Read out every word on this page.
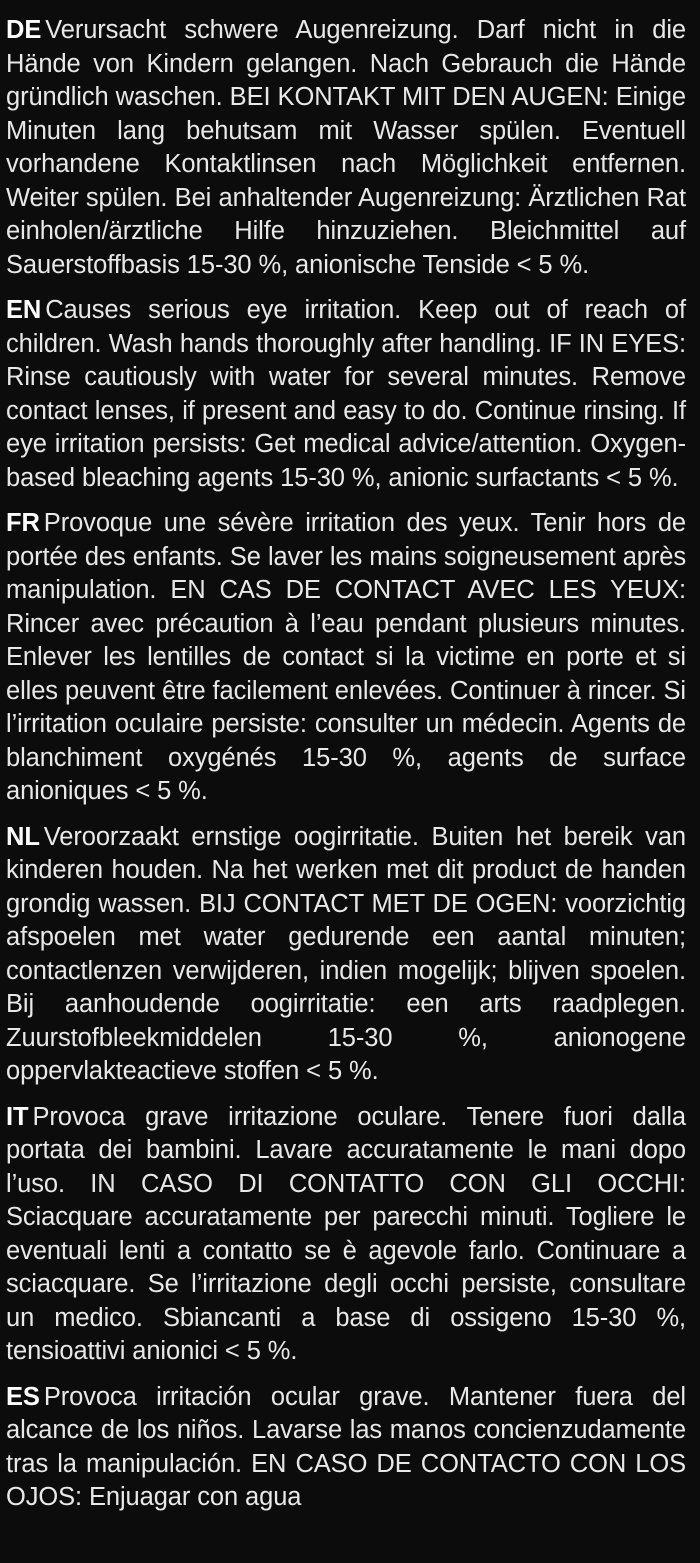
DE Verursacht schwere Augenreizung. Darf nicht in die Hände von Kindern gelangen. Nach Gebrauch die Hände gründlich waschen. BEI KONTAKT MIT DEN AUGEN: Einige Minuten lang behutsam mit Wasser spülen. Eventuell vorhandene Kontaktlinsen nach Möglichkeit entfernen. Weiter spülen. Bei anhaltender Augenreizung: Ärztlichen Rat einholen/ärztliche Hilfe hinzuziehen. Bleichmittel auf Sauerstoffbasis 15-30 %, anionische Tenside < 5 %.

EN Causes serious eye irritation. Keep out of reach of children. Wash hands thoroughly after handling. IF IN EYES: Rinse cautiously with water for several minutes. Remove contact lenses, if present and easy to do. Continue rinsing. If eye irritation persists: Get medical advice/attention. Oxygen-based bleaching agents 15-30 %, anionic surfactants < 5 %.

FR Provoque une sévère irritation des yeux. Tenir hors de portée des enfants. Se laver les mains soigneusement après manipulation. EN CAS DE CONTACT AVEC LES YEUX: Rincer avec précaution à l’eau pendant plusieurs minutes. Enlever les lentilles de contact si la victime en porte et si elles peuvent être facilement enlevées. Continuer à rincer. Si l’irritation oculaire persiste: consulter un médecin. Agents de blanchiment oxygénés 15-30 %, agents de surface anioniques < 5 %.

NL Veroorzaakt ernstige oogirritatie. Buiten het bereik van kinderen houden. Na het werken met dit product de handen grondig wassen. BIJ CONTACT MET DE OGEN: voorzichtig afspoelen met water gedurende een aantal minuten; contactlenzen verwijderen, indien mogelijk; blijven spoelen. Bij aanhoudende oogirritatie: een arts raadplegen. Zuurstofbleekmiddelen 15-30 %, anionogene oppervlakteactieve stoffen < 5 %.

IT Provoca grave irritazione oculare. Tenere fuori dalla portata dei bambini. Lavare accuratamente le mani dopo l’uso. IN CASO DI CONTATTO CON GLI OCCHI: Sciacquare accuratamente per parecchi minuti. Togliere le eventuali lenti a contatto se è agevole farlo. Continuare a sciacquare. Se l’irritazione degli occhi persiste, consultare un medico. Sbiancanti a base di ossigeno 15-30 %, tensioattivi anionici < 5 %.

ES Provoca irritación ocular grave. Mantener fuera del alcance de los niños. Lavarse las manos concienzudamente tras la manipulación. EN CASO DE CONTACTO CON LOS OJOS: Enjuagar con agua
